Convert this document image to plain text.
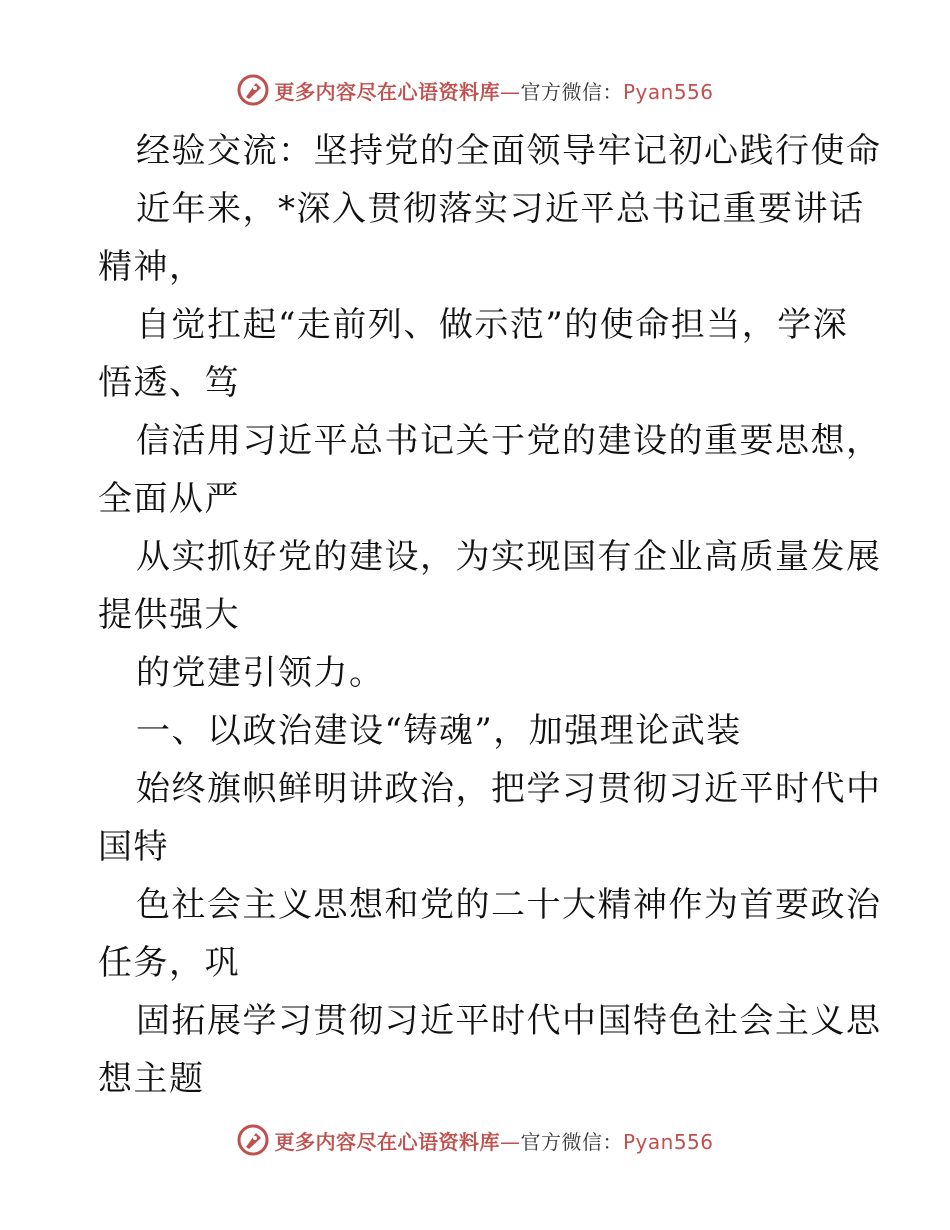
更多内容尽在心语资料库—官方微信：Pyan556
经验交流：坚持党的全面领导牢记初心践行使命
近年来，*深入贯彻落实习近平总书记重要讲话
精神，
自觉扛起“走前列、做示范”的使命担当，学深
悟透、笃
信活用习近平总书记关于党的建设的重要思想，
全面从严
从实抓好党的建设，为实现国有企业高质量发展
提供强大
的党建引领力。
一、以政治建设“铸魂”，加强理论武装
始终旗帜鲜明讲政治，把学习贯彻习近平时代中
国特
色社会主义思想和党的二十大精神作为首要政治
任务，巩
固拓展学习贯彻习近平时代中国特色社会主义思
想主题
更多内容尽在心语资料库—官方微信：Pyan556
